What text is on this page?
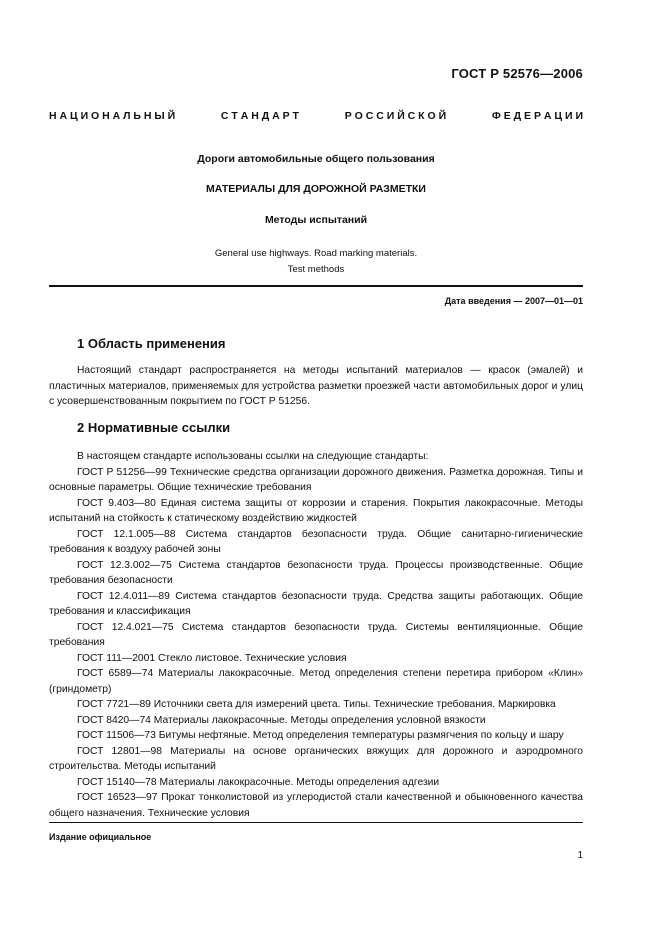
ГОСТ Р 52576—2006
Н А Ц И О Н А Л Ь Н Ы Й	С Т А Н Д А Р Т	Р О С С И Й С К О Й	Ф Е Д Е Р А Ц И И
Дороги автомобильные общего пользования
МАТЕРИАЛЫ ДЛЯ ДОРОЖНОЙ РАЗМЕТКИ
Методы испытаний
General use highways. Road marking materials.
Test methods
Дата введения — 2007—01—01
1 Область применения
Настоящий стандарт распространяется на методы испытаний материалов — красок (эмалей) и пластичных материалов, применяемых для устройства разметки проезжей части автомобильных дорог и улиц с усовершенствованным покрытием по ГОСТ Р 51256.
2 Нормативные ссылки

В настоящем стандарте использованы ссылки на следующие стандарты:

ГОСТ Р 51256—99 Технические средства организации дорожного движения. Разметка дорожная. Типы и основные параметры. Общие технические требования

ГОСТ 9.403—80 Единая система защиты от коррозии и старения. Покрытия лакокрасочные. Методы испытаний на стойкость к статическому воздействию жидкостей

ГОСТ 12.1.005—88 Система стандартов безопасности труда. Общие санитарно-гигиенические требования к воздуху рабочей зоны

ГОСТ 12.3.002—75 Система стандартов безопасности труда. Процессы производственные. Общие требования безопасности

ГОСТ 12.4.011—89 Система стандартов безопасности труда. Средства защиты работающих. Общие требования и классификация

ГОСТ 12.4.021—75 Система стандартов безопасности труда. Системы вентиляционные. Общие требования

ГОСТ 111—2001 Стекло листовое. Технические условия

ГОСТ 6589—74 Материалы лакокрасочные. Метод определения степени перетира прибором «Клин» (гриндометр)

ГОСТ 7721—89 Источники света для измерений цвета. Типы. Технические требования. Маркировка

ГОСТ 8420—74 Материалы лакокрасочные. Методы определения условной вязкости

ГОСТ 11506—73 Битумы нефтяные. Метод определения температуры размягчения по кольцу и шару

ГОСТ 12801—98 Материалы на основе органических вяжущих для дорожного и аэродромного строительства. Методы испытаний

ГОСТ 15140—78 Материалы лакокрасочные. Методы определения адгезии

ГОСТ 16523—97 Прокат тонколистовой из углеродистой стали качественной и обыкновенного качества общего назначения. Технические условия

Издание официальное
1
